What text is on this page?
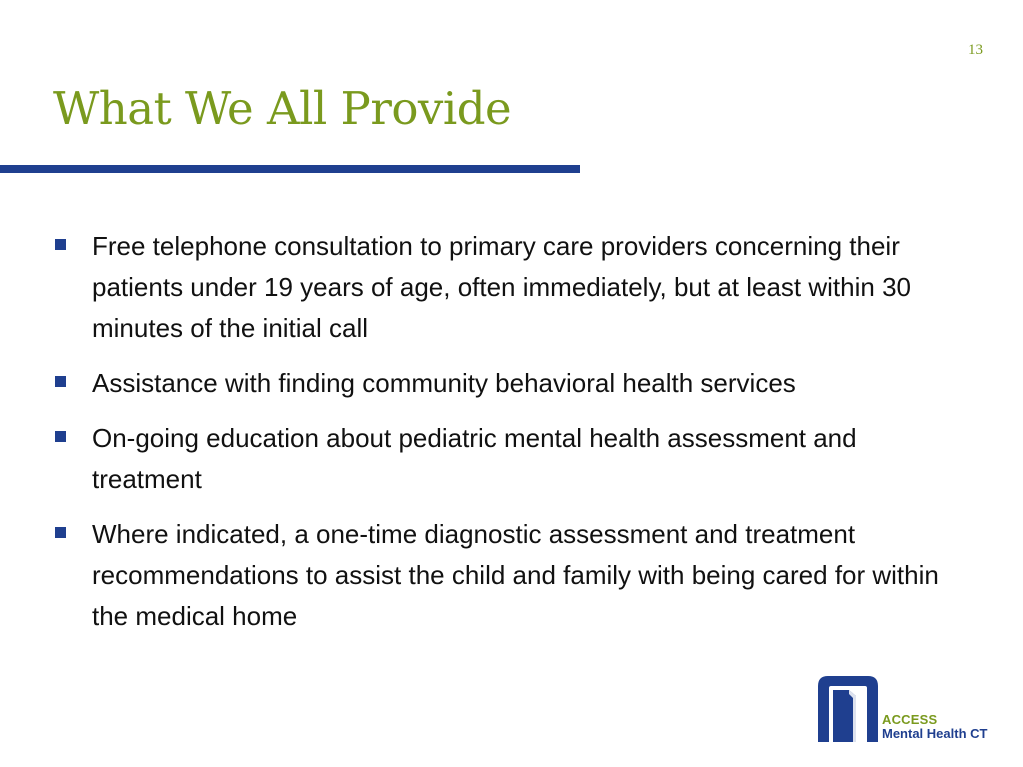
13
What We All Provide
Free telephone consultation to primary care providers concerning their patients under 19 years of age, often immediately, but at least within 30 minutes of the initial call
Assistance with finding community behavioral health services
On-going education about pediatric mental health assessment and treatment
Where indicated, a one-time diagnostic assessment and treatment recommendations to assist the child and family with being cared for within the medical home
ACCESS
Mental Health CT
